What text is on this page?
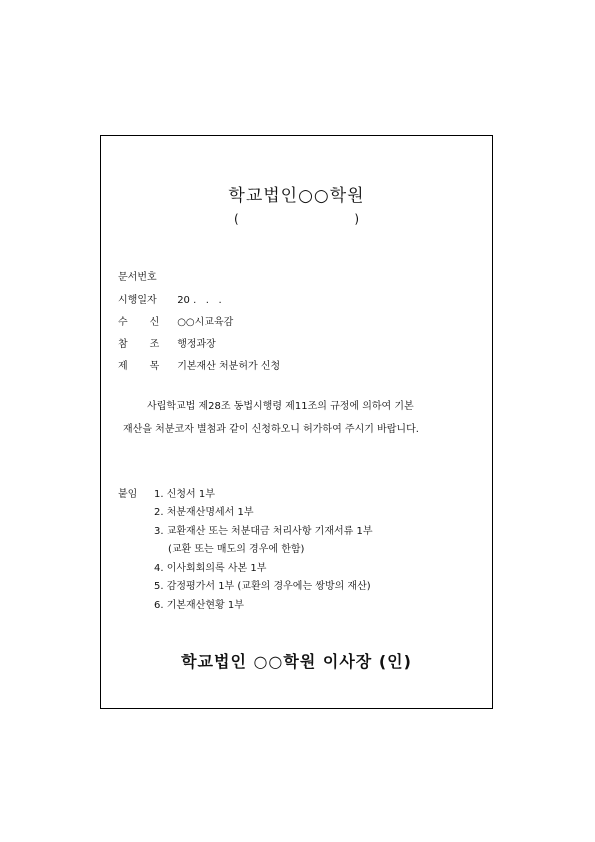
학교법인○○학원
(	)
문서번호
시행일자 20 .   .   .
수 신 ○○시교육감
참 조 행정과장
제 목 기본재산 처분허가 신청
사립학교법 제28조 동법시행령 제11조의 규정에 의하여 기본
재산을 처분코자 별첨과 같이 신청하오니 허가하여 주시기 바랍니다.
붙임 1. 신청서 1부
2. 처분재산명세서 1부
3. 교환재산 또는 처분대금 처리사항 기재서류 1부
(교환 또는 매도의 경우에 한함)
4. 이사회회의록 사본 1부
5. 감정평가서 1부 (교환의 경우에는 쌍방의 재산)
6. 기본재산현황 1부
학교법인 ○○학원 이사장 (인)
